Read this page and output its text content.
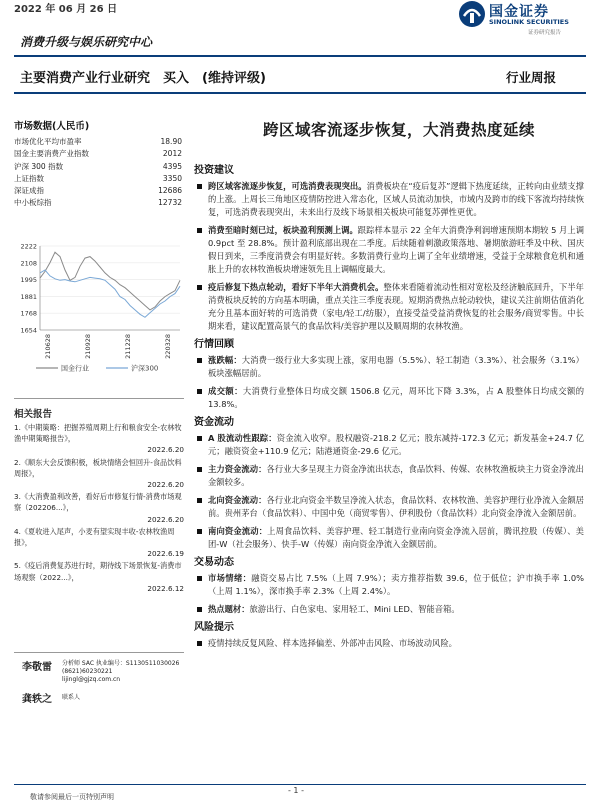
2022 年 06 月 26 日	国金证券
SINOLINK SECURITIES
证券研究报告
消费升级与娱乐研究中心
主要消费产业行业研究　买入　(维持评级)	行业周报
市场数据(人民币)
市场优化平均市盈率	18.90
国金主要消费产业指数	2012
沪深 300 指数	4395
上证指数	3350
深证成指	12686
中小板综指	12732
2222
2108
1995
1881
1768
1654
210628	210928	211228	220328
国金行业	沪深300
相关报告
1.《中期策略：把握养殖周期上行和粮食安全-农林牧渔中期策略报告》，
2022.6.20
2.《顺东大会反馈积极，板块情绪会恒回升-食品饮料周报》，
2022.6.20
3.《大消费盈利改善，看好后市修复行情-消费市场观察（202206...》，
2022.6.20
4.《夏收进入尾声，小麦有望实现丰收-农林牧渔周报》，
2022.6.19
5.《疫后消费复苏进行时，期待线下场景恢复-消费市场观察（2022...》，
2022.6.12
李敬雷 分析师 SAC 执业编号：S1130511030026
(8621)60230221
lijingl@gjzq.com.cn
龚轶之 联系人
跨区域客流逐步恢复，大消费热度延续
投资建议
跨区域客流逐步恢复，可选消费表现突出。消费板块在“疫后复苏”逻辑下热度延续，正转向由业绩支撑的上涨。上周长三角地区疫情防控进入常态化，区域人员流动加快，市域内及跨市的线下客流均持续恢复，可选消费表现突出，未来出行及线下场景相关板块可能复苏弹性更优。
消费至暗时刻已过，板块盈利预测上调。跟踪样本显示 22 全年大消费净利润增速预期本期较 5 月上调 0.9pct 至 28.8%。预计盈利底部出现在二季度。后续随着刺激政策落地、暑期旅游旺季及中秋、国庆假日到来，三季度消费会有明显好转。多数消费行业均上调了全年业绩增速，受益于全球粮食危机和通胀上升的农林牧渔板块增速领先且上调幅度最大。
疫后修复下热点轮动，看好下半年大消费机会。整体来看随着流动性相对宽松及经济触底回升，下半年消费板块反转的方向基本明确，重点关注三季度表现。短期消费热点轮动较快，建议关注前期估值消化充分且基本面好转的可选消费（家电/轻工/纺服），直接受益受益消费恢复的社会服务/商贸零售。中长期来看，建议配置高景气的食品饮料/美容护理以及顺周期的农林牧渔。
行情回顾
涨跌幅：大消费一级行业大多实现上涨，家用电器（5.5%）、轻工制造（3.3%）、社会服务（3.1%）板块涨幅居前。
成交额：大消费行业整体日均成交额 1506.8 亿元，周环比下降 3.3%，占 A 股整体日均成交额的 13.8%。
资金流动
A 股流动性跟踪：资金流入收窄。股权融资-218.2 亿元；股东减持-172.3 亿元；新发基金+24.7 亿元；融资资金+110.9 亿元；陆港通资金-29.6 亿元。
主力资金流动：各行业大多呈现主力资金净流出状态，食品饮料、传媒、农林牧渔板块主力资金净流出金额较多。
北向资金流动：各行业北向资金半数呈净流入状态，食品饮料、农林牧渔、美容护理行业净流入金额居前。贵州茅台（食品饮料）、中国中免（商贸零售）、伊利股份（食品饮料）北向资金净流入金额居前。
南向资金流动：上周食品饮料、美容护理、轻工制造行业南向资金净流入居前，腾讯控股（传媒）、美团-W（社会服务）、快手-W（传媒）南向资金净流入金额居前。
交易动态
市场情绪：融资交易占比 7.5%（上周 7.9%）；卖方推荐指数 39.6，位于低位；沪市换手率 1.0%（上周 1.1%），深市换手率 2.3%（上周 2.4%）。
热点题材：旅游出行、白色家电、家用轻工、Mini LED、智能音箱。
风险提示
疫情持续反复风险、样本选择偏差、外部冲击风险、市场波动风险。
- 1 -
敬请参阅最后一页特别声明
